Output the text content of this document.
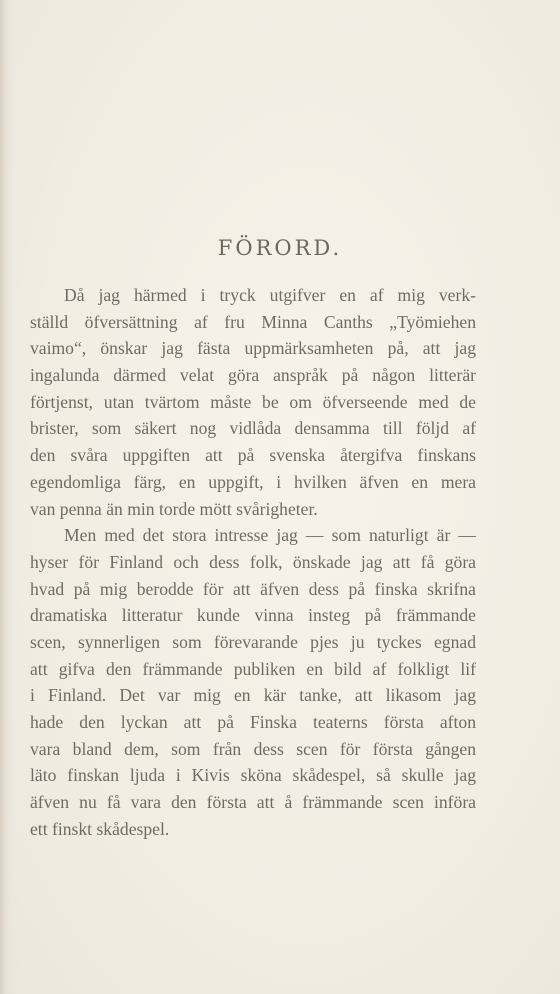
FÖRORD.
Då jag härmed i tryck utgifver en af mig verk-
ställd öfversättning af fru Minna Canths „Työmiehen
vaimo“, önskar jag fästa uppmärksamheten på, att jag
ingalunda därmed velat göra anspråk på någon litterär
förtjenst, utan tvärtom måste be om öfverseende med de
brister, som säkert nog vidlåda densamma till följd af
den svåra uppgiften att på svenska återgifva finskans
egendomliga färg, en uppgift, i hvilken äfven en mera
van penna än min torde mött svårigheter.
Men med det stora intresse jag — som naturligt är —
hyser för Finland och dess folk, önskade jag att få göra
hvad på mig berodde för att äfven dess på finska skrifna
dramatiska litteratur kunde vinna insteg på främmande
scen, synnerligen som förevarande pjes ju tyckes egnad
att gifva den främmande publiken en bild af folkligt lif
i Finland. Det var mig en kär tanke, att likasom jag
hade den lyckan att på Finska teaterns första afton
vara bland dem, som från dess scen för första gången
läto finskan ljuda i Kivis sköna skådespel, så skulle jag
äfven nu få vara den första att å främmande scen införa
ett finskt skådespel.
